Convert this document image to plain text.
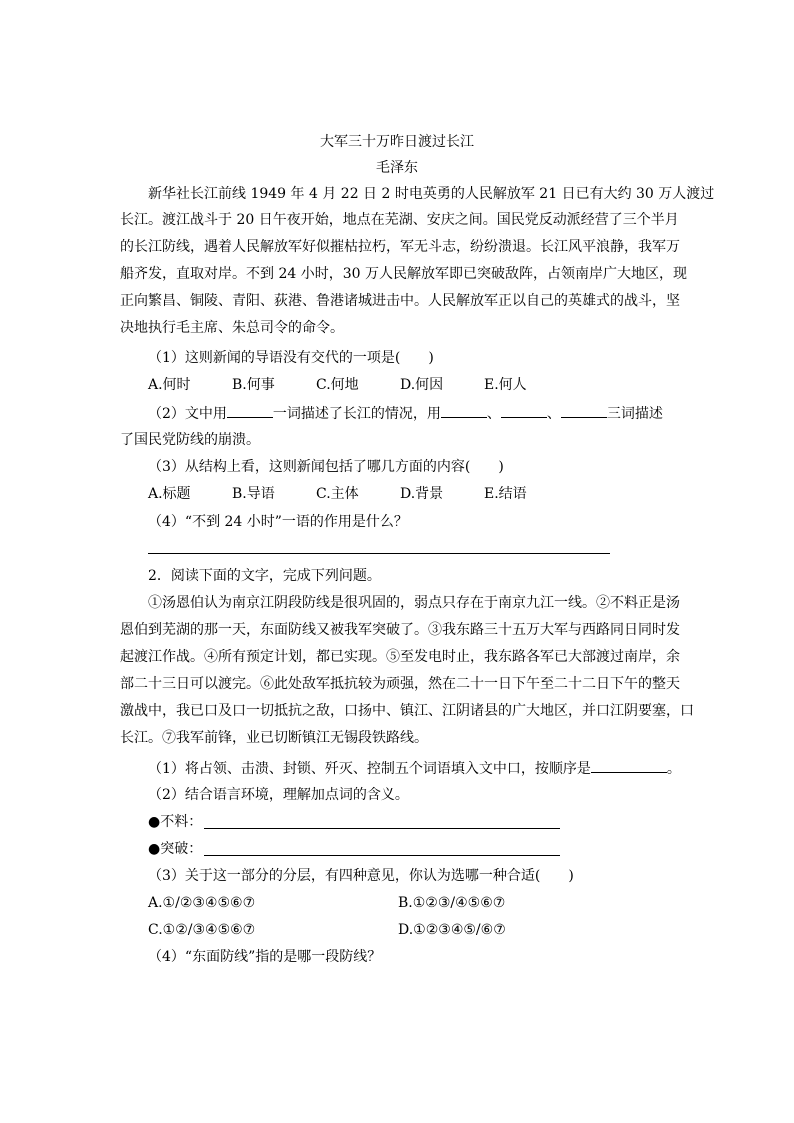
大军三十万昨日渡过长江
毛泽东
新华社长江前线 1949 年 4 月 22 日 2 时电英勇的人民解放军 21 日已有大约 30 万人渡过
长江。渡江战斗于 20 日午夜开始，地点在芜湖、安庆之间。国民党反动派经营了三个半月
的长江防线，遇着人民解放军好似摧枯拉朽，军无斗志，纷纷溃退。长江风平浪静，我军万
船齐发，直取对岸。不到 24 小时，30 万人民解放军即已突破敌阵，占领南岸广大地区，现
正向繁昌、铜陵、青阳、荻港、鲁港诸城进击中。人民解放军正以自己的英雄式的战斗，坚
决地执行毛主席、朱总司令的命令。
（1）这则新闻的导语没有交代的一项是(　　)
A.何时	B.何事	C.何地	D.何因	E.何人
（2）文中用	一词描述了长江的情况，用	、	、	三词描述
了国民党防线的崩溃。
（3）从结构上看，这则新闻包括了哪几方面的内容(　　)
A.标题	B.导语	C.主体	D.背景	E.结语
（4）“不到 24 小时”一语的作用是什么？
2．阅读下面的文字，完成下列问题。
①汤恩伯认为南京江阴段防线是很巩固的，弱点只存在于南京九江一线。②不料正是汤
恩伯到芜湖的那一天，东面防线又被我军突破了。③我东路三十五万大军与西路同日同时发
起渡江作战。④所有预定计划，都已实现。⑤至发电时止，我东路各军已大部渡过南岸，余
部二十三日可以渡完。⑥此处敌军抵抗较为顽强，然在二十一日下午至二十二日下午的整天
激战中，我已口及口一切抵抗之敌，口扬中、镇江、江阴诸县的广大地区，并口江阴要塞，口
长江。⑦我军前锋，业已切断镇江无锡段铁路线。
（1）将占领、击溃、封锁、歼灭、控制五个词语填入文中口，按顺序是	。
（2）结合语言环境，理解加点词的含义。
●不料：
●突破：
（3）关于这一部分的分层，有四种意见，你认为选哪一种合适(　　)
A.①/②③④⑤⑥⑦	B.①②③/④⑤⑥⑦
C.①②/③④⑤⑥⑦	D.①②③④⑤/⑥⑦
（4）“东面防线”指的是哪一段防线？
